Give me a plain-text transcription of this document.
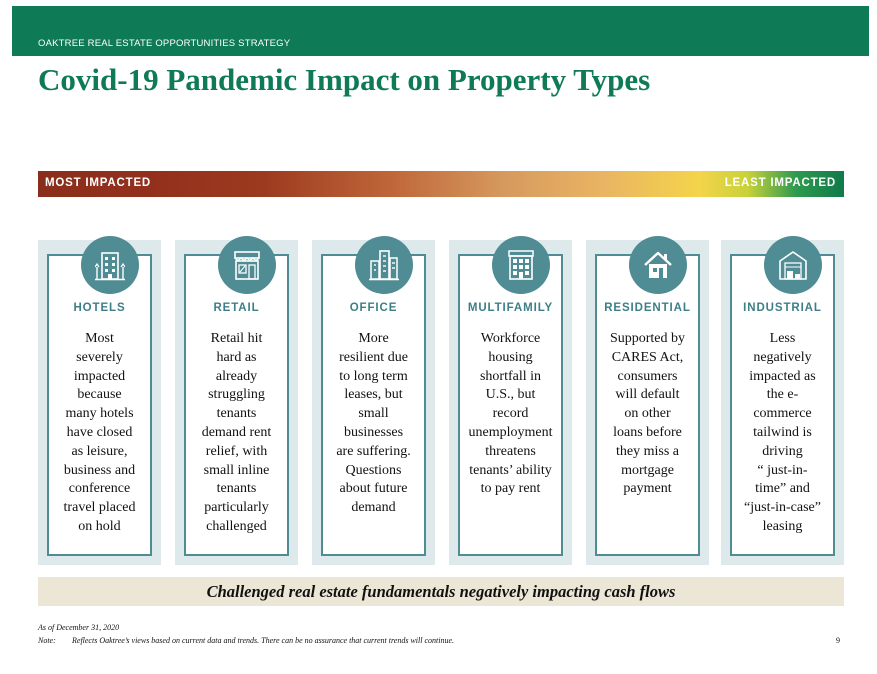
OAKTREE REAL ESTATE OPPORTUNITIES STRATEGY
Covid-19 Pandemic Impact on Property Types
MOST IMPACTED	LEAST IMPACTED
HOTELS
Most
severely
impacted
because
many hotels
have closed
as leisure,
business and
conference
travel placed
on hold
RETAIL
Retail hit
hard as
already
struggling
tenants
demand rent
relief, with
small inline
tenants
particularly
challenged
OFFICE
More
resilient due
to long term
leases, but
small
businesses
are suffering.
Questions
about future
demand
MULTIFAMILY
Workforce
housing
shortfall in
U.S., but
record
unemployment
threatens
tenants’ ability
to pay rent
RESIDENTIAL
Supported by
CARES Act,
consumers
will default
on other
loans before
they miss a
mortgage
payment
INDUSTRIAL
Less
negatively
impacted as
the e-
commerce
tailwind is
driving
“ just-in-
time” and
“just-in-case”
leasing
Challenged real estate fundamentals negatively impacting cash flows
As of December 31, 2020
Note: Reflects Oaktree’s views based on current data and trends. There can be no assurance that current trends will continue.	9
